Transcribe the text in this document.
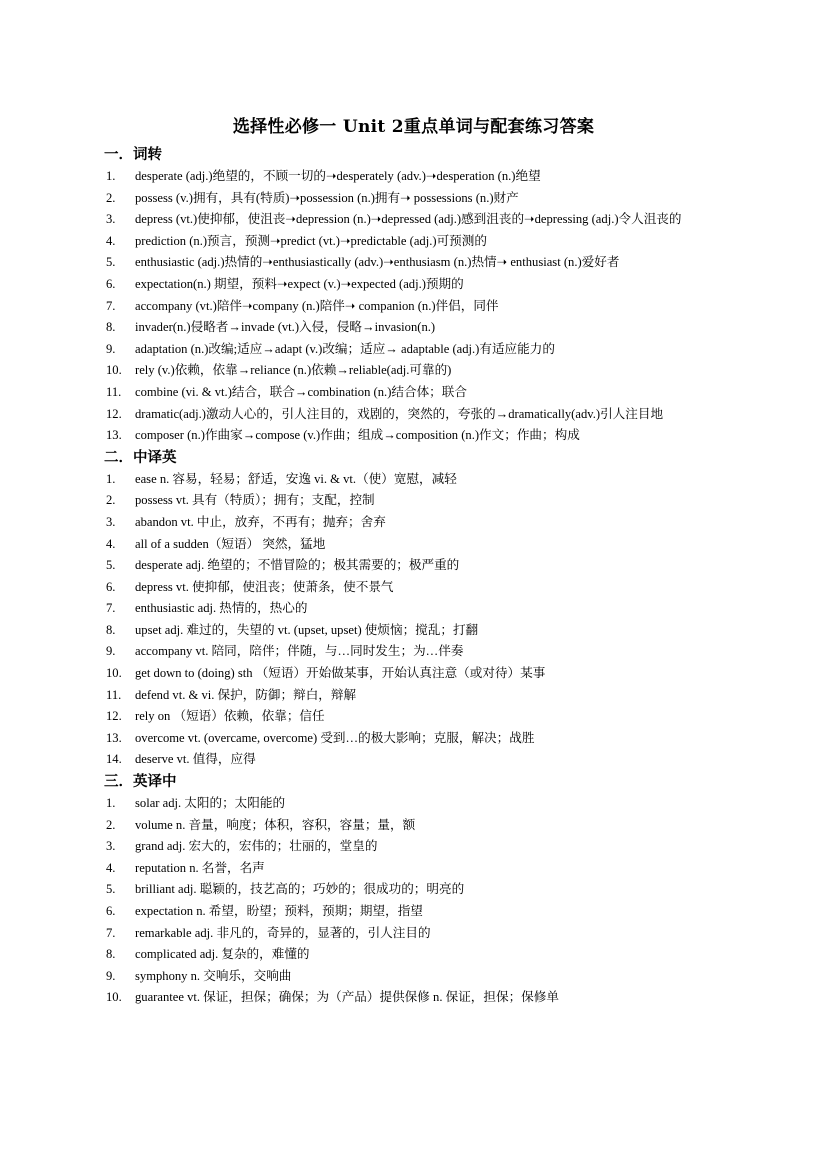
选择性必修一 Unit 2重点单词与配套练习答案
一．词转
1.	desperate (adj.)绝望的，不顾一切的➝desperately (adv.)➝desperation (n.)绝望
2.	possess (v.)拥有，具有(特质)➝possession (n.)拥有➝ possessions (n.)财产
3.	depress (vt.)使抑郁，使沮丧➝depression (n.)➝depressed (adj.)感到沮丧的➝depressing (adj.)令人沮丧的
4.	prediction (n.)预言，预测➝predict (vt.)➝predictable (adj.)可预测的
5.	enthusiastic (adj.)热情的➝enthusiastically (adv.)➝enthusiasm (n.)热情➝ enthusiast (n.)爱好者
6.	expectation(n.) 期望，预料➝expect (v.)➝expected (adj.)预期的
7.	accompany (vt.)陪伴➝company (n.)陪伴➝ companion (n.)伴侣，同伴
8.	invader(n.)侵略者→invade (vt.)入侵，侵略→invasion(n.)
9.	adaptation (n.)改编;适应→adapt (v.)改编；适应→ adaptable (adj.)有适应能力的
10.	rely (v.)依赖，依靠→reliance (n.)依赖→reliable(adj.可靠的)
11.	combine (vi. & vt.)结合，联合→combination (n.)结合体；联合
12.	dramatic(adj.)激动人心的，引人注目的，戏剧的，突然的，夸张的→dramatically(adv.)引人注目地
13.	composer (n.)作曲家→compose (v.)作曲；组成→composition (n.)作文；作曲；构成
二．中译英
1.	ease n. 容易，轻易；舒适，安逸 vi. & vt.（使）宽慰，减轻
2.	possess vt. 具有（特质）；拥有；支配，控制
3.	abandon vt. 中止，放弃，不再有；抛弃；舍弃
4.	all of a sudden（短语） 突然，猛地
5.	desperate adj. 绝望的；不惜冒险的；极其需要的；极严重的
6.	depress vt. 使抑郁，使沮丧；使萧条，使不景气
7.	enthusiastic adj. 热情的，热心的
8.	upset adj. 难过的，失望的 vt. (upset, upset) 使烦恼；搅乱；打翻
9.	accompany vt. 陪同，陪伴；伴随，与…同时发生；为…伴奏
10.	get down to (doing) sth （短语）开始做某事，开始认真注意（或对待）某事
11.	defend vt. & vi. 保护，防御；辩白，辩解
12.	rely on （短语）依赖，依靠；信任
13.	overcome vt. (overcame, overcome) 受到…的极大影响；克服，解决；战胜
14.	deserve vt. 值得，应得
三．英译中
1.	solar adj. 太阳的；太阳能的
2.	volume n. 音量，响度；体积，容积，容量；量，额
3.	grand adj. 宏大的，宏伟的；壮丽的，堂皇的
4.	reputation n. 名誉，名声
5.	brilliant adj. 聪颖的，技艺高的；巧妙的；很成功的；明亮的
6.	expectation n. 希望，盼望；预料，预期；期望，指望
7.	remarkable adj. 非凡的，奇异的，显著的，引人注目的
8.	complicated adj. 复杂的，难懂的
9.	symphony n. 交响乐，交响曲
10.	guarantee vt. 保证，担保；确保；为（产品）提供保修 n. 保证，担保；保修单
